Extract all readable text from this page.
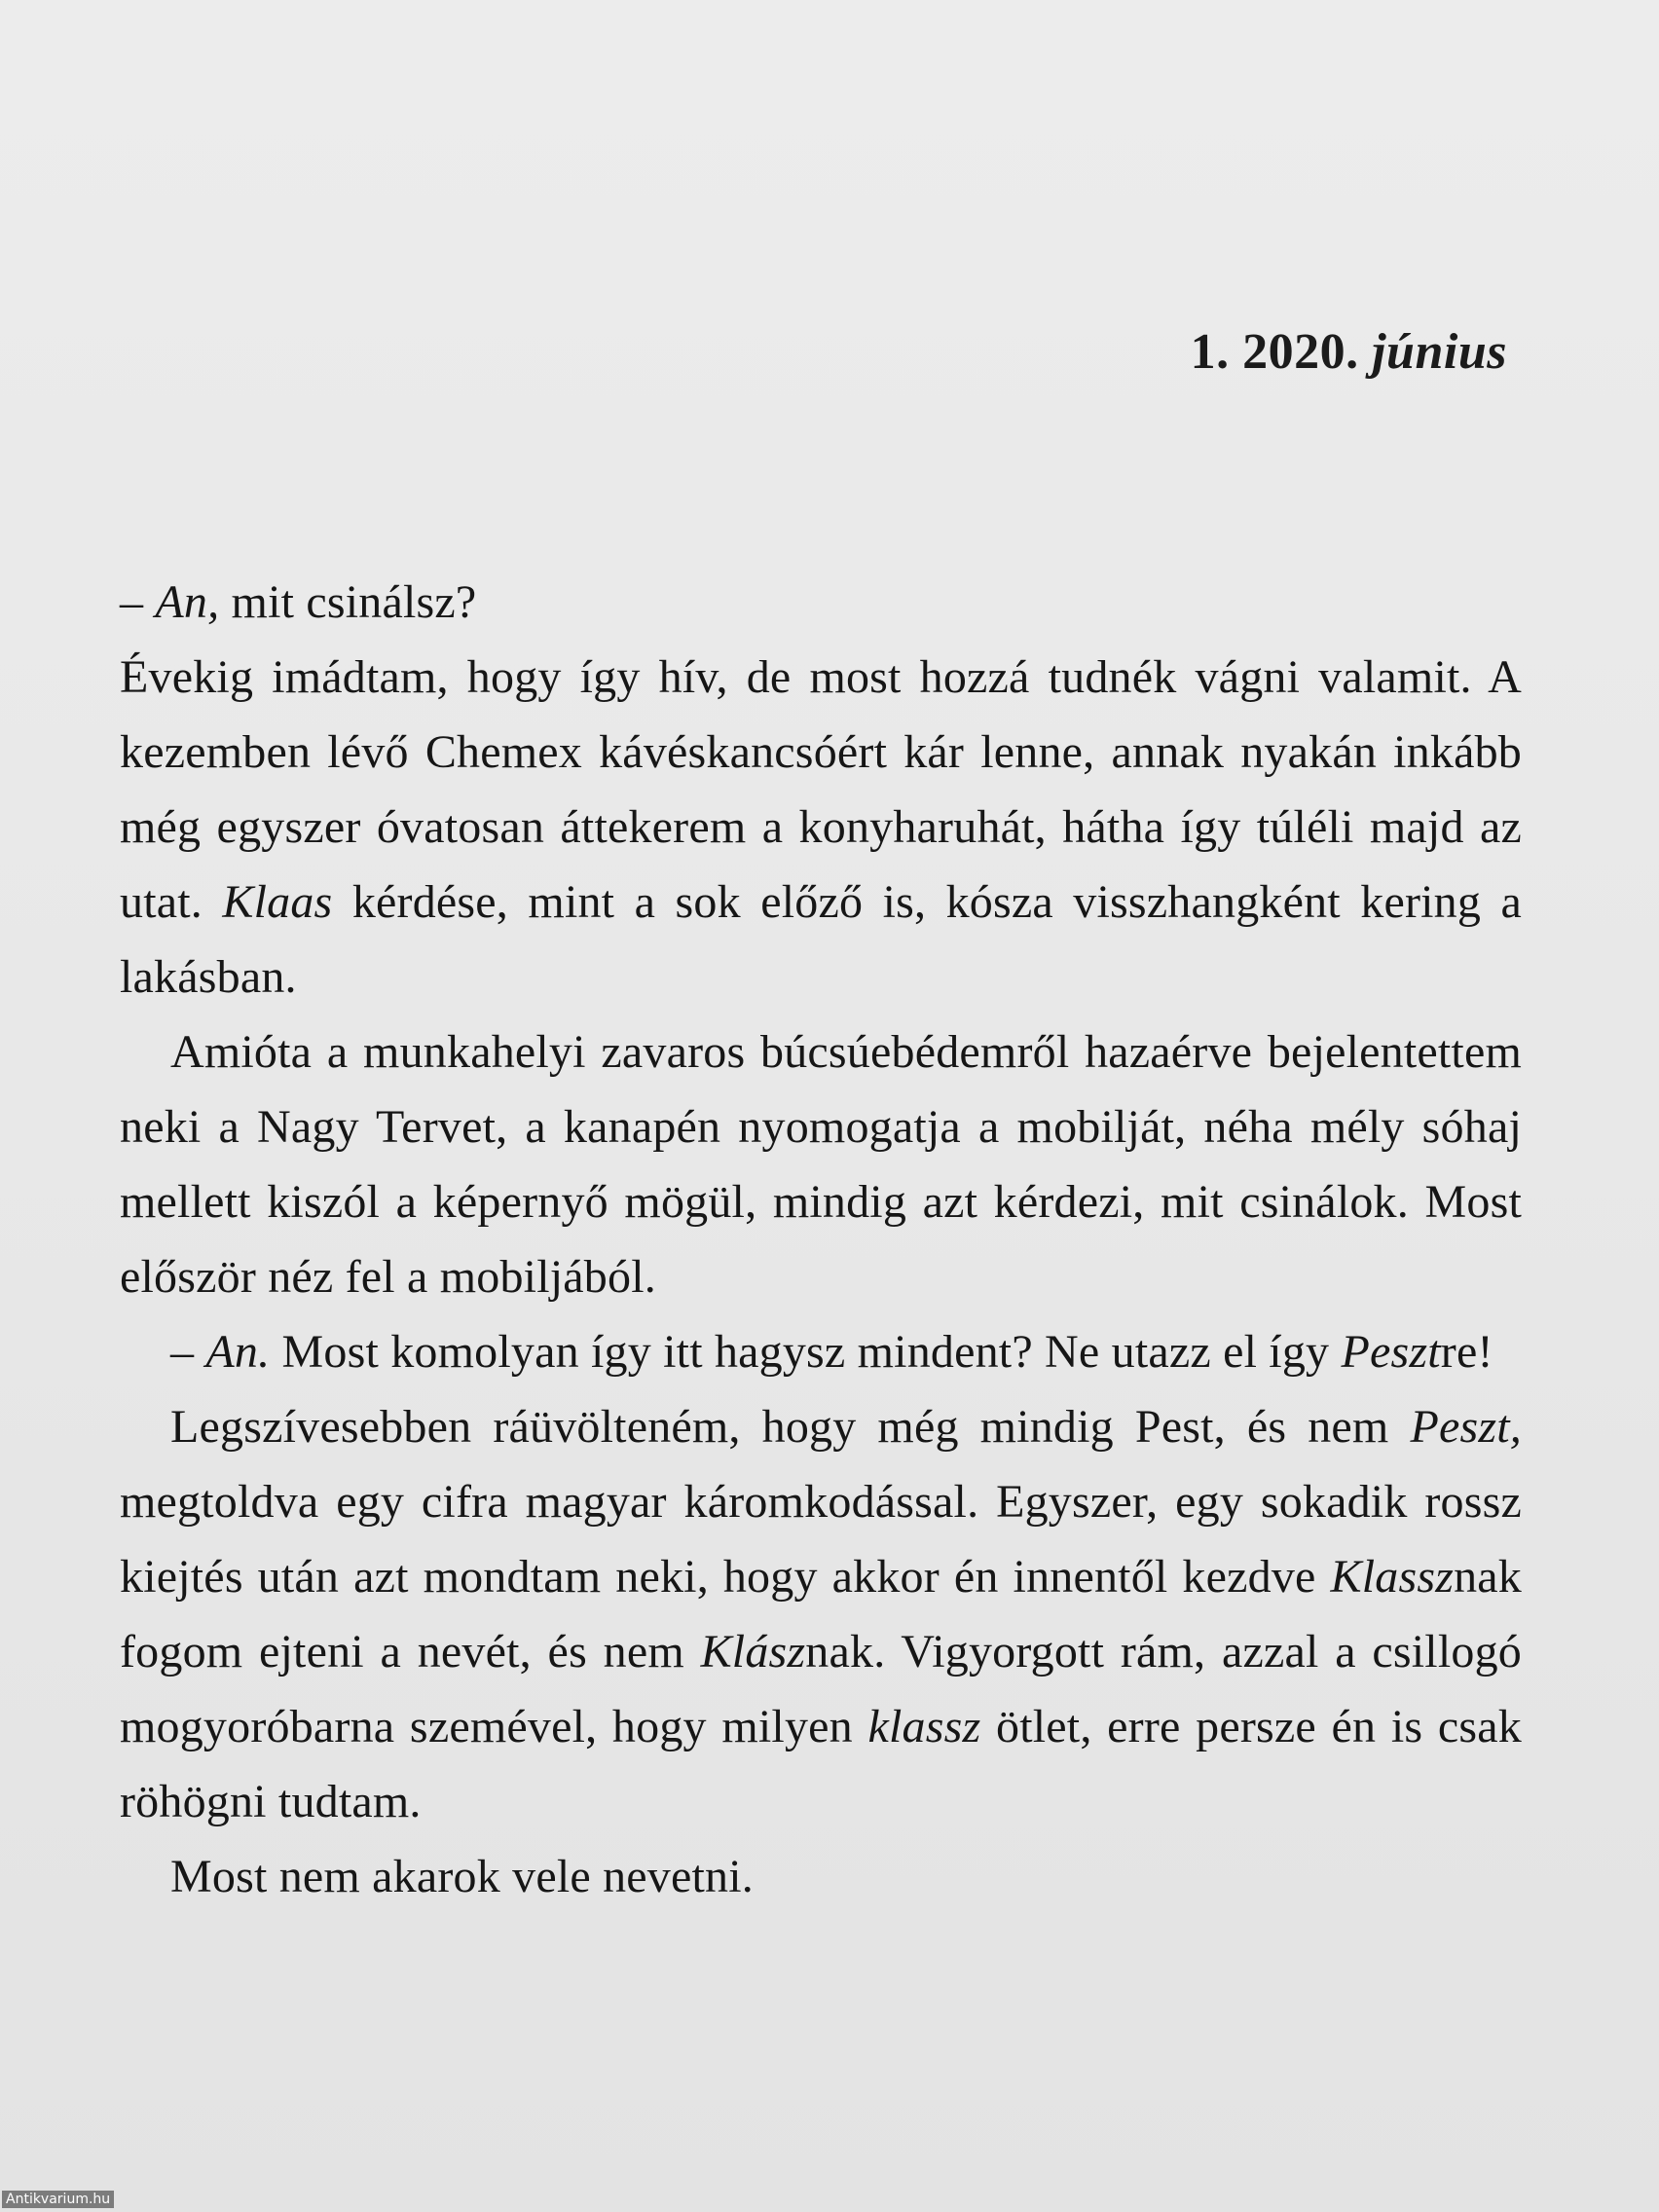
1. 2020. június

– An, mit csinálsz?

Évekig imádtam, hogy így hív, de most hozzá tudnék vágni valamit. A kezemben lévő Chemex kávéskancsóért kár lenne, annak nyakán inkább még egyszer óvatosan áttekerem a konyharuhát, hátha így túléli majd az utat. Klaas kérdése, mint a sok előző is, kósza visszhangként kering a lakásban.

Amióta a munkahelyi zavaros búcsúebédemről hazaérve bejelentettem neki a Nagy Tervet, a kanapén nyomogatja a mobilját, néha mély sóhaj mellett kiszól a képernyő mögül, mindig azt kérdezi, mit csinálok. Most először néz fel a mobiljából.

– An. Most komolyan így itt hagysz mindent? Ne utazz el így Pesztre!

Legszívesebben ráüvölteném, hogy még mindig Pest, és nem Peszt, megtoldva egy cifra magyar káromkodással. Egyszer, egy sokadik rossz kiejtés után azt mondtam neki, hogy akkor én innentől kezdve Klassznak fogom ejteni a nevét, és nem Klásznak. Vigyorgott rám, azzal a csillogó mogyoróbarna szemével, hogy milyen klassz ötlet, erre persze én is csak röhögni tudtam.

Most nem akarok vele nevetni.

Antikvarium.hu
